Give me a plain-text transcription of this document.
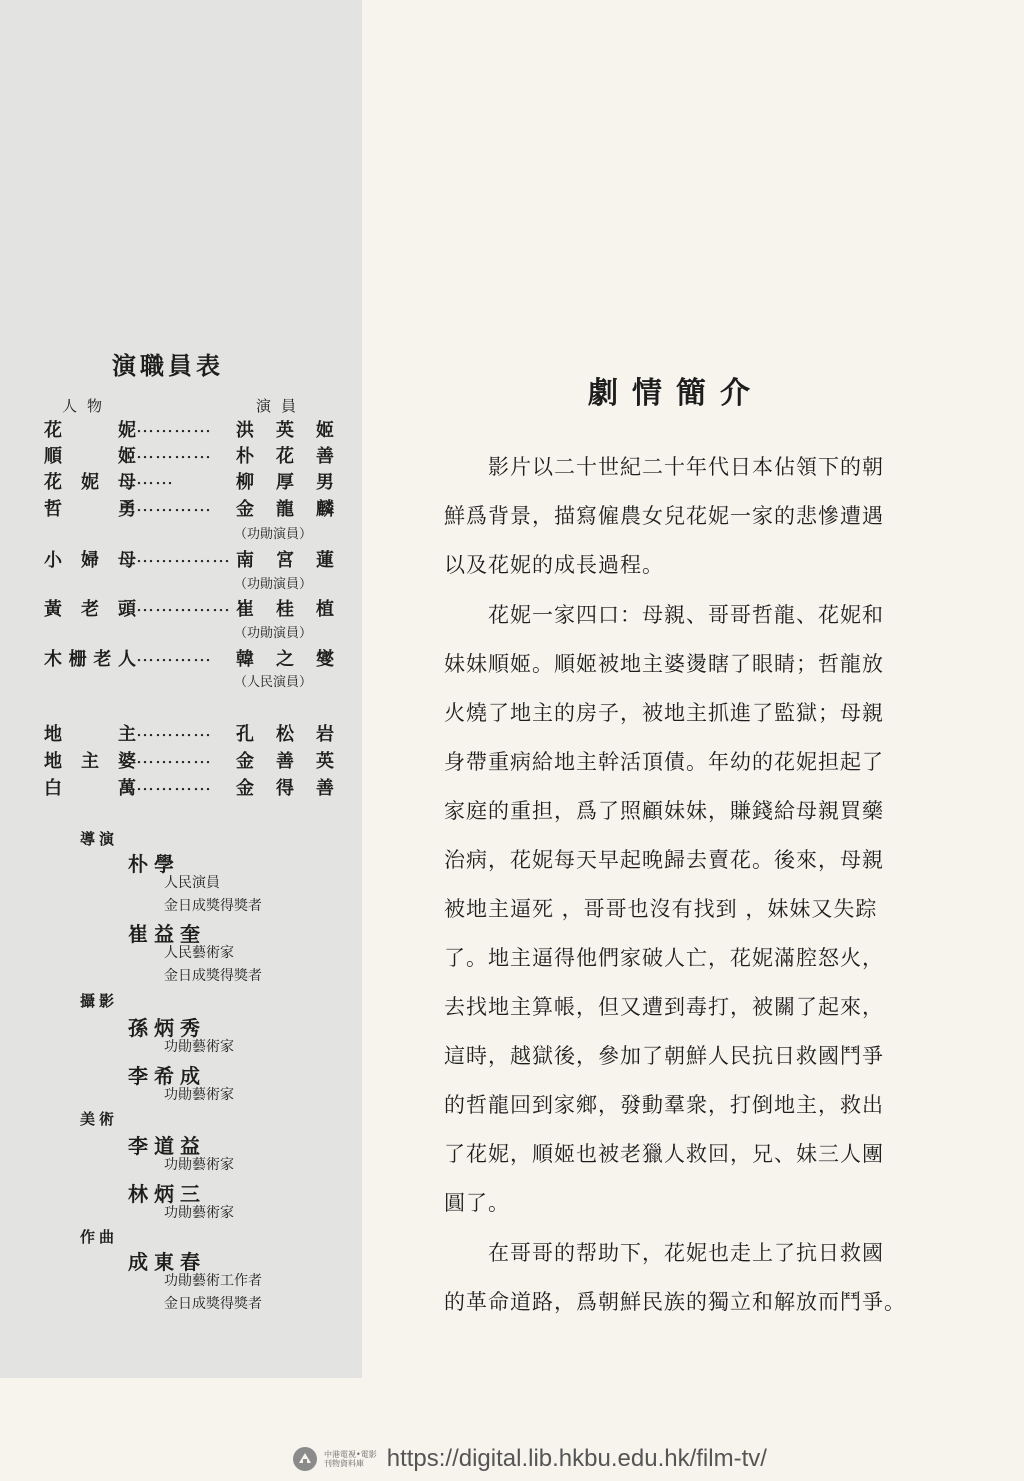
演職員表
人物	演員
花妮 …………	洪英姬
順姬 …………	朴花善
花妮母 ……	柳厚男
哲勇 …………	金龍麟
（功勛演員）
小婦母 …………… 南宮蓮
（功勛演員）
黃老頭 …………… 崔桂植
（功勛演員）
木栅老人 …………	韓之燮
（人民演員）
地主 …………	孔松岩
地主婆 …………	金善英
白萬 …………	金得善
導演
朴學
人民演員
金日成獎得獎者
崔益奎
人民藝術家
金日成獎得獎者
攝影
孫炳秀
功勛藝術家
李希成
功勛藝術家
美術
李道益
功勛藝術家
林炳三
功勛藝術家
作曲
成東春
功勛藝術工作者
金日成獎得獎者
劇情簡介
　　影片以二十世紀二十年代日本佔領下的朝
鮮爲背景，描寫僱農女兒花妮一家的悲慘遭遇
以及花妮的成長過程。
　　花妮一家四口：母親、哥哥哲龍、花妮和
妹妹順姬。順姬被地主婆燙瞎了眼睛；哲龍放
火燒了地主的房子，被地主抓進了監獄；母親
身帶重病給地主幹活頂債。年幼的花妮担起了
家庭的重担，爲了照顧妹妹，賺錢給母親買藥
治病，花妮每天早起晚歸去賣花。後來，母親
被地主逼死 ，哥哥也沒有找到 ，妹妹又失踪
了。地主逼得他們家破人亡，花妮滿腔怒火，
去找地主算帳，但又遭到毒打，被關了起來，
這時，越獄後，參加了朝鮮人民抗日救國鬥爭
的哲龍回到家鄉，發動羣衆，打倒地主，救出
了花妮，順姬也被老獵人救回，兄、妹三人團
圓了。
　　在哥哥的帮助下，花妮也走上了抗日救國
的革命道路，爲朝鮮民族的獨立和解放而鬥爭。
中港電視•電影
刊物資料庫 https://digital.lib.hkbu.edu.hk/film-tv/
